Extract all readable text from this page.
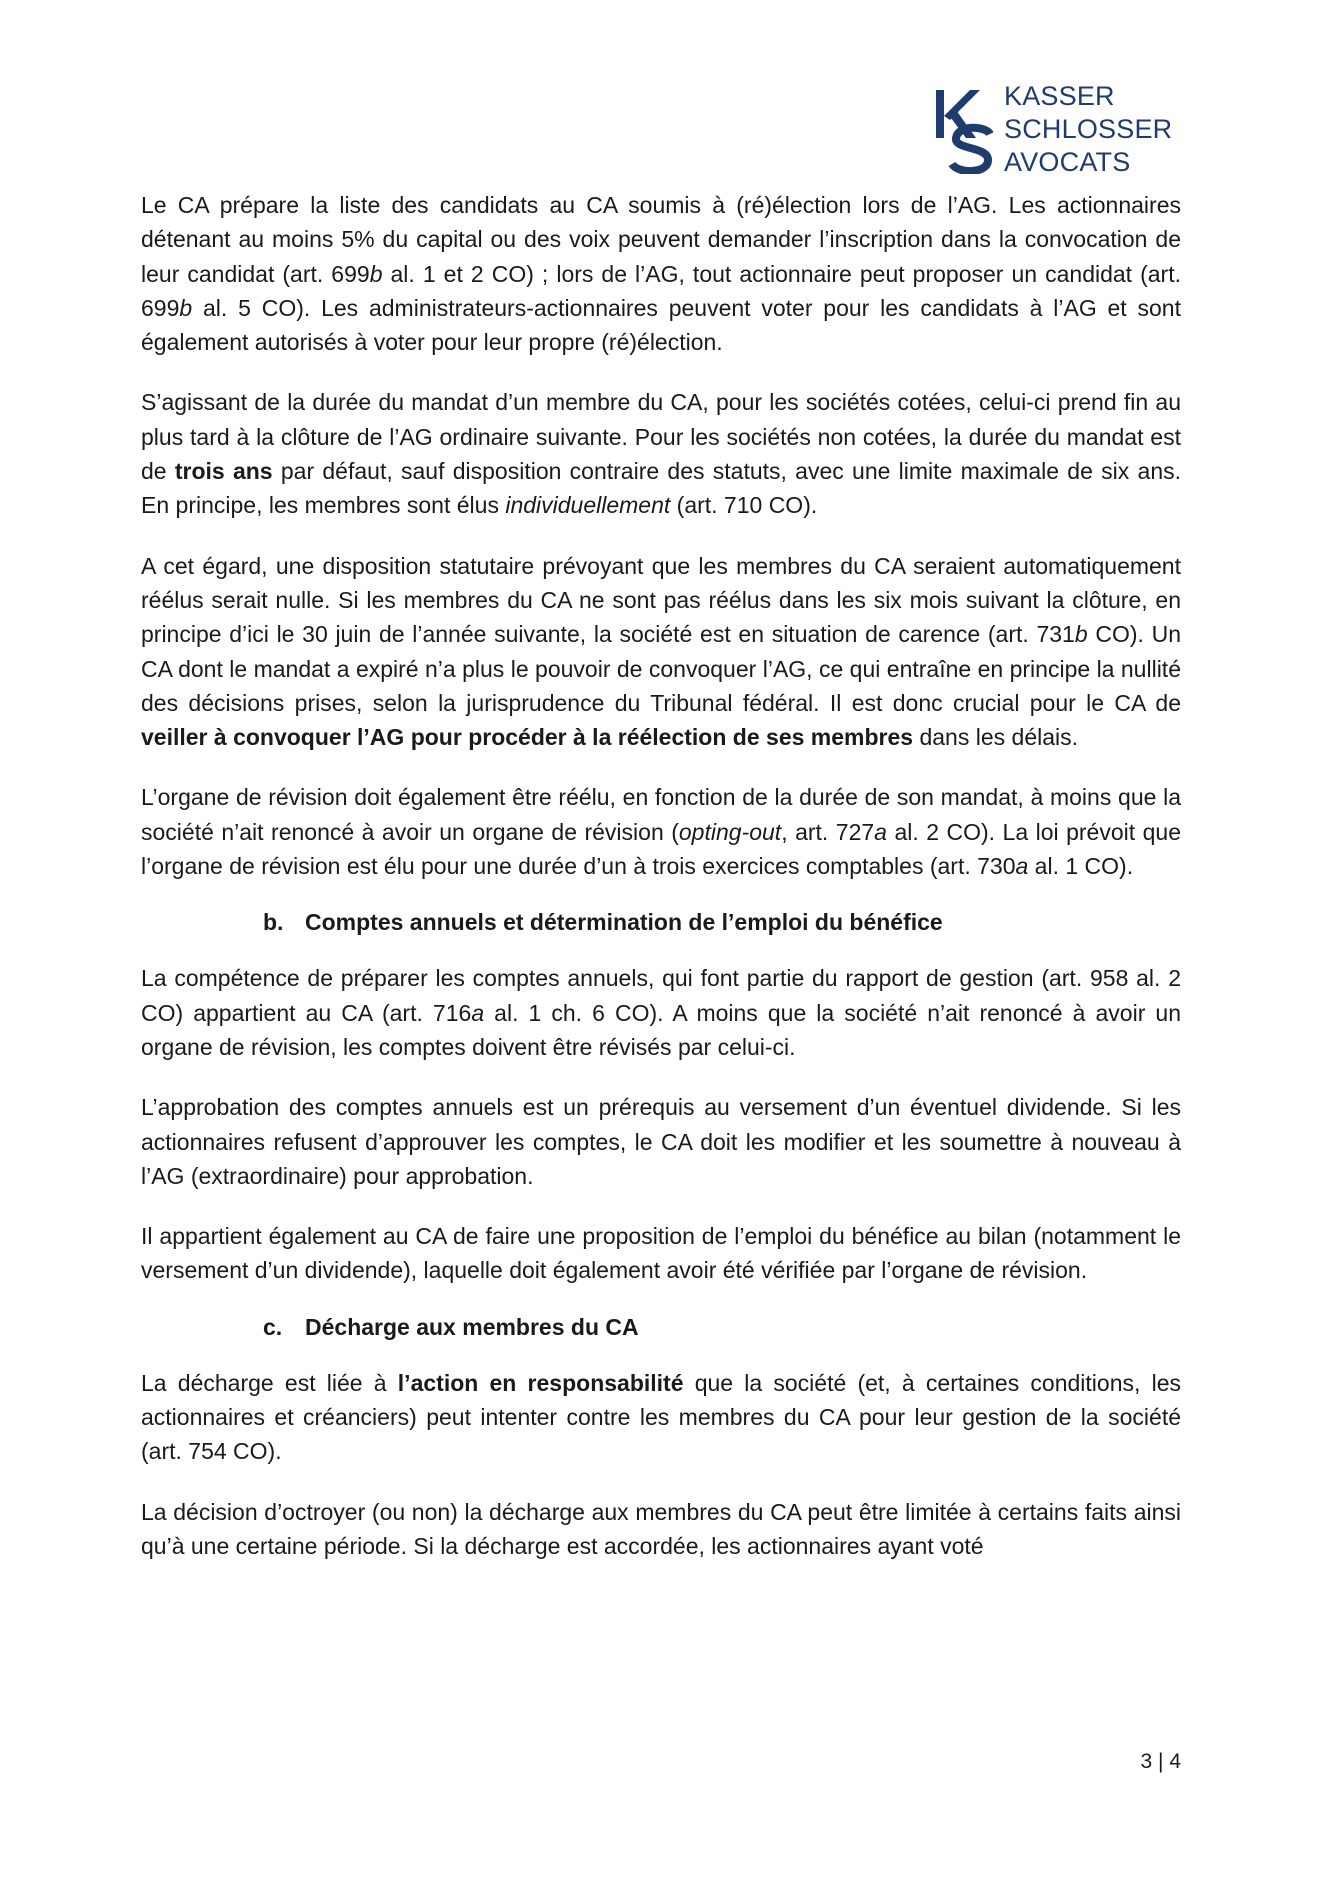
KASSER
SCHLOSSER
AVOCATS

Le CA prépare la liste des candidats au CA soumis à (ré)élection lors de l’AG. Les actionnaires détenant au moins 5% du capital ou des voix peuvent demander l’inscription dans la convocation de leur candidat (art. 699b al. 1 et 2 CO) ; lors de l’AG, tout actionnaire peut proposer un candidat (art. 699b al. 5 CO). Les administrateurs-actionnaires peuvent voter pour les candidats à l’AG et sont également autorisés à voter pour leur propre (ré)élection.

S’agissant de la durée du mandat d’un membre du CA, pour les sociétés cotées, celui-ci prend fin au plus tard à la clôture de l’AG ordinaire suivante. Pour les sociétés non cotées, la durée du mandat est de trois ans par défaut, sauf disposition contraire des statuts, avec une limite maximale de six ans. En principe, les membres sont élus individuellement (art. 710 CO).

A cet égard, une disposition statutaire prévoyant que les membres du CA seraient automatiquement réélus serait nulle. Si les membres du CA ne sont pas réélus dans les six mois suivant la clôture, en principe d’ici le 30 juin de l’année suivante, la société est en situation de carence (art. 731b CO). Un CA dont le mandat a expiré n’a plus le pouvoir de convoquer l’AG, ce qui entraîne en principe la nullité des décisions prises, selon la jurisprudence du Tribunal fédéral. Il est donc crucial pour le CA de veiller à convoquer l’AG pour procéder à la réélection de ses membres dans les délais.

L’organe de révision doit également être réélu, en fonction de la durée de son mandat, à moins que la société n’ait renoncé à avoir un organe de révision (opting-out, art. 727a al. 2 CO). La loi prévoit que l’organe de révision est élu pour une durée d’un à trois exercices comptables (art. 730a al. 1 CO).

b. Comptes annuels et détermination de l’emploi du bénéfice

La compétence de préparer les comptes annuels, qui font partie du rapport de gestion (art. 958 al. 2 CO) appartient au CA (art. 716a al. 1 ch. 6 CO). A moins que la société n’ait renoncé à avoir un organe de révision, les comptes doivent être révisés par celui-ci.

L’approbation des comptes annuels est un prérequis au versement d’un éventuel dividende. Si les actionnaires refusent d’approuver les comptes, le CA doit les modifier et les soumettre à nouveau à l’AG (extraordinaire) pour approbation.

Il appartient également au CA de faire une proposition de l’emploi du bénéfice au bilan (notamment le versement d’un dividende), laquelle doit également avoir été vérifiée par l’organe de révision.

c. Décharge aux membres du CA

La décharge est liée à l’action en responsabilité que la société (et, à certaines conditions, les actionnaires et créanciers) peut intenter contre les membres du CA pour leur gestion de la société (art. 754 CO).

La décision d’octroyer (ou non) la décharge aux membres du CA peut être limitée à certains faits ainsi qu’à une certaine période. Si la décharge est accordée, les actionnaires ayant voté

3 | 4
